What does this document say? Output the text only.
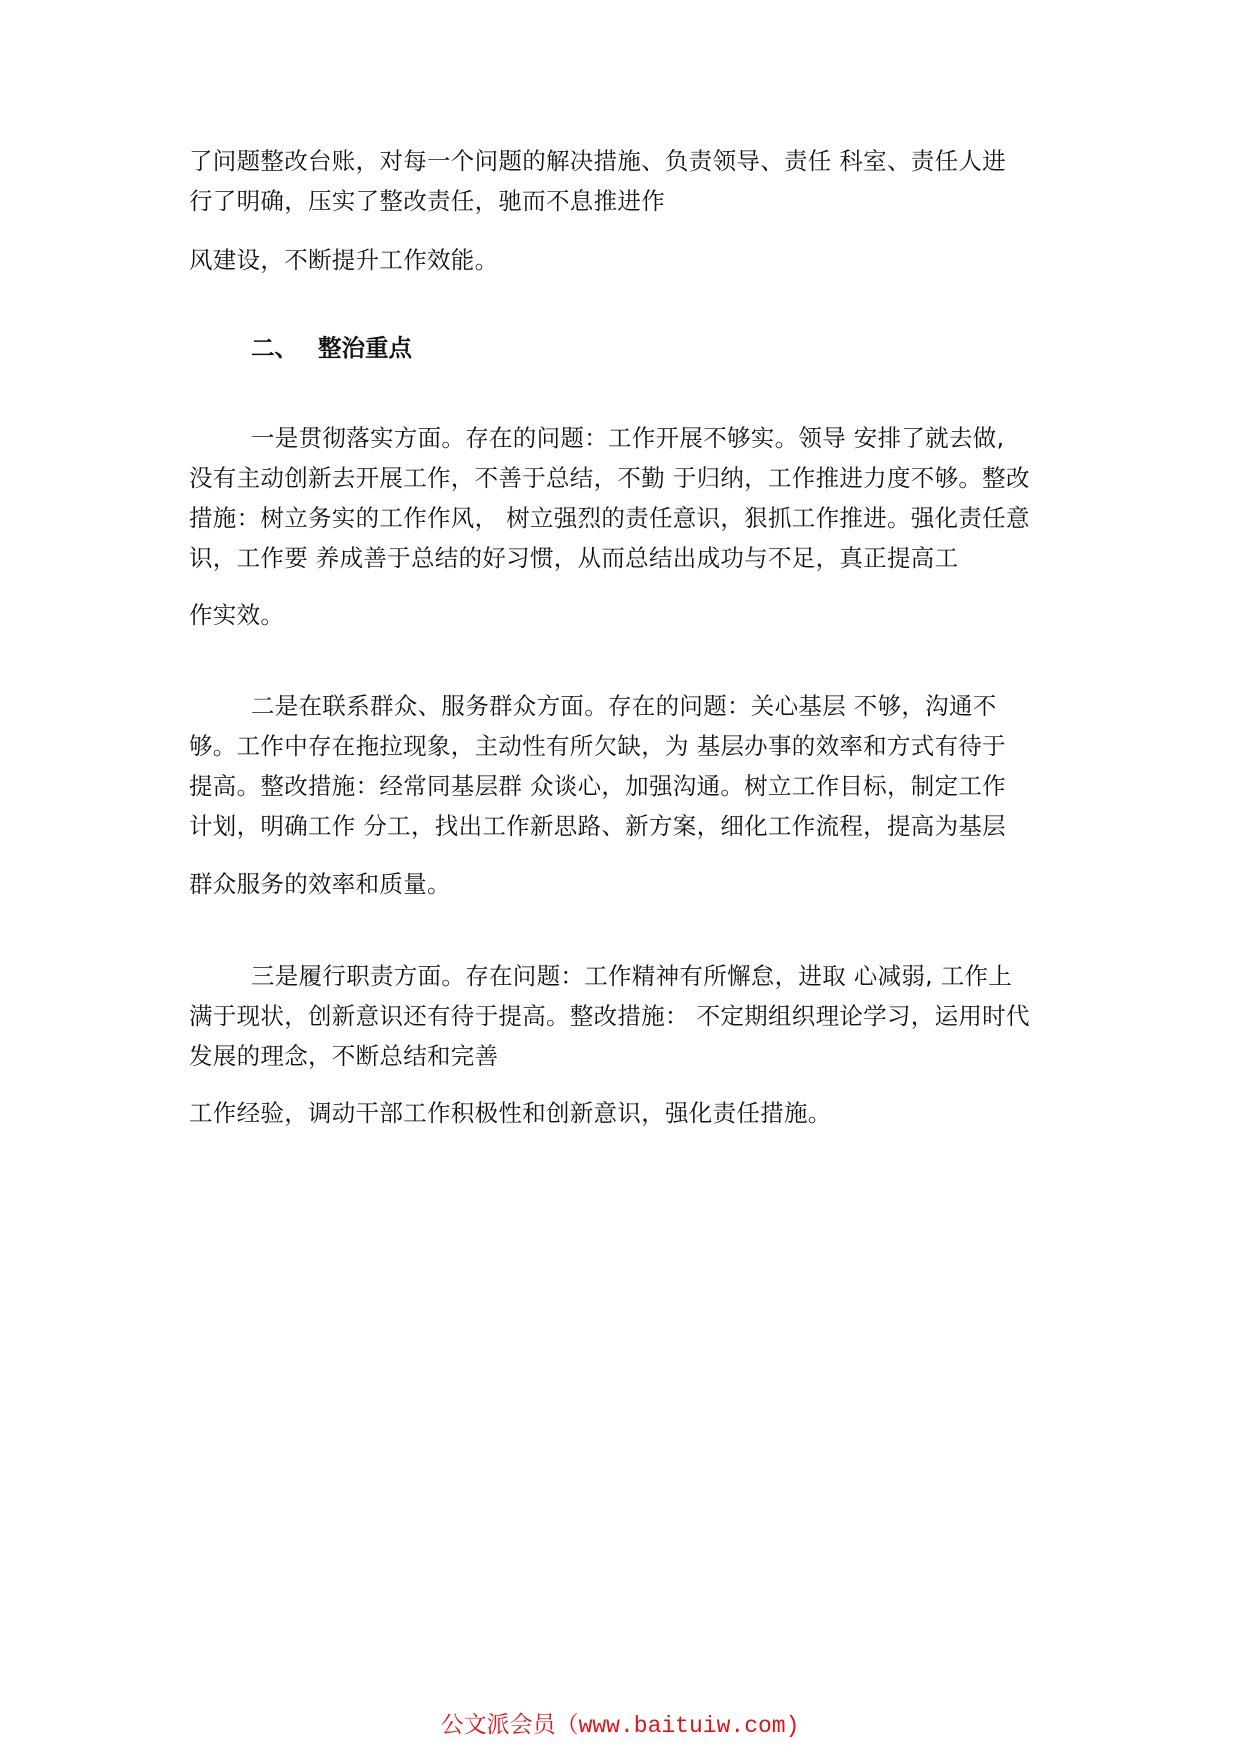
了问题整改台账，对每一个问题的解决措施、负责领导、责任 科室、责任人进
行了明确，压实了整改责任，驰而不息推进作
风建设，不断提升工作效能。
二、 整治重点
一是贯彻落实方面。存在的问题：工作开展不够实。领导 安排了就去做,
没有主动创新去开展工作，不善于总结，不勤 于归纳，工作推进力度不够。整改
措施：树立务实的工作作风， 树立强烈的责任意识，狠抓工作推进。强化责任意
识，工作要 养成善于总结的好习惯，从而总结出成功与不足，真正提高工
作实效。
二是在联系群众、服务群众方面。存在的问题：关心基层 不够，沟通不
够。工作中存在拖拉现象，主动性有所欠缺，为 基层办事的效率和方式有待于
提高。整改措施：经常同基层群 众谈心，加强沟通。树立工作目标，制定工作
计划，明确工作 分工，找出工作新思路、新方案，细化工作流程，提高为基层
群众服务的效率和质量。
三是履行职责方面。存在问题：工作精神有所懈怠，进取 心减弱, 工作上
满于现状，创新意识还有待于提高。整改措施： 不定期组织理论学习，运用时代
发展的理念，不断总结和完善
工作经验，调动干部工作积极性和创新意识，强化责任措施。
公文派会员（www.baituiw.com)
